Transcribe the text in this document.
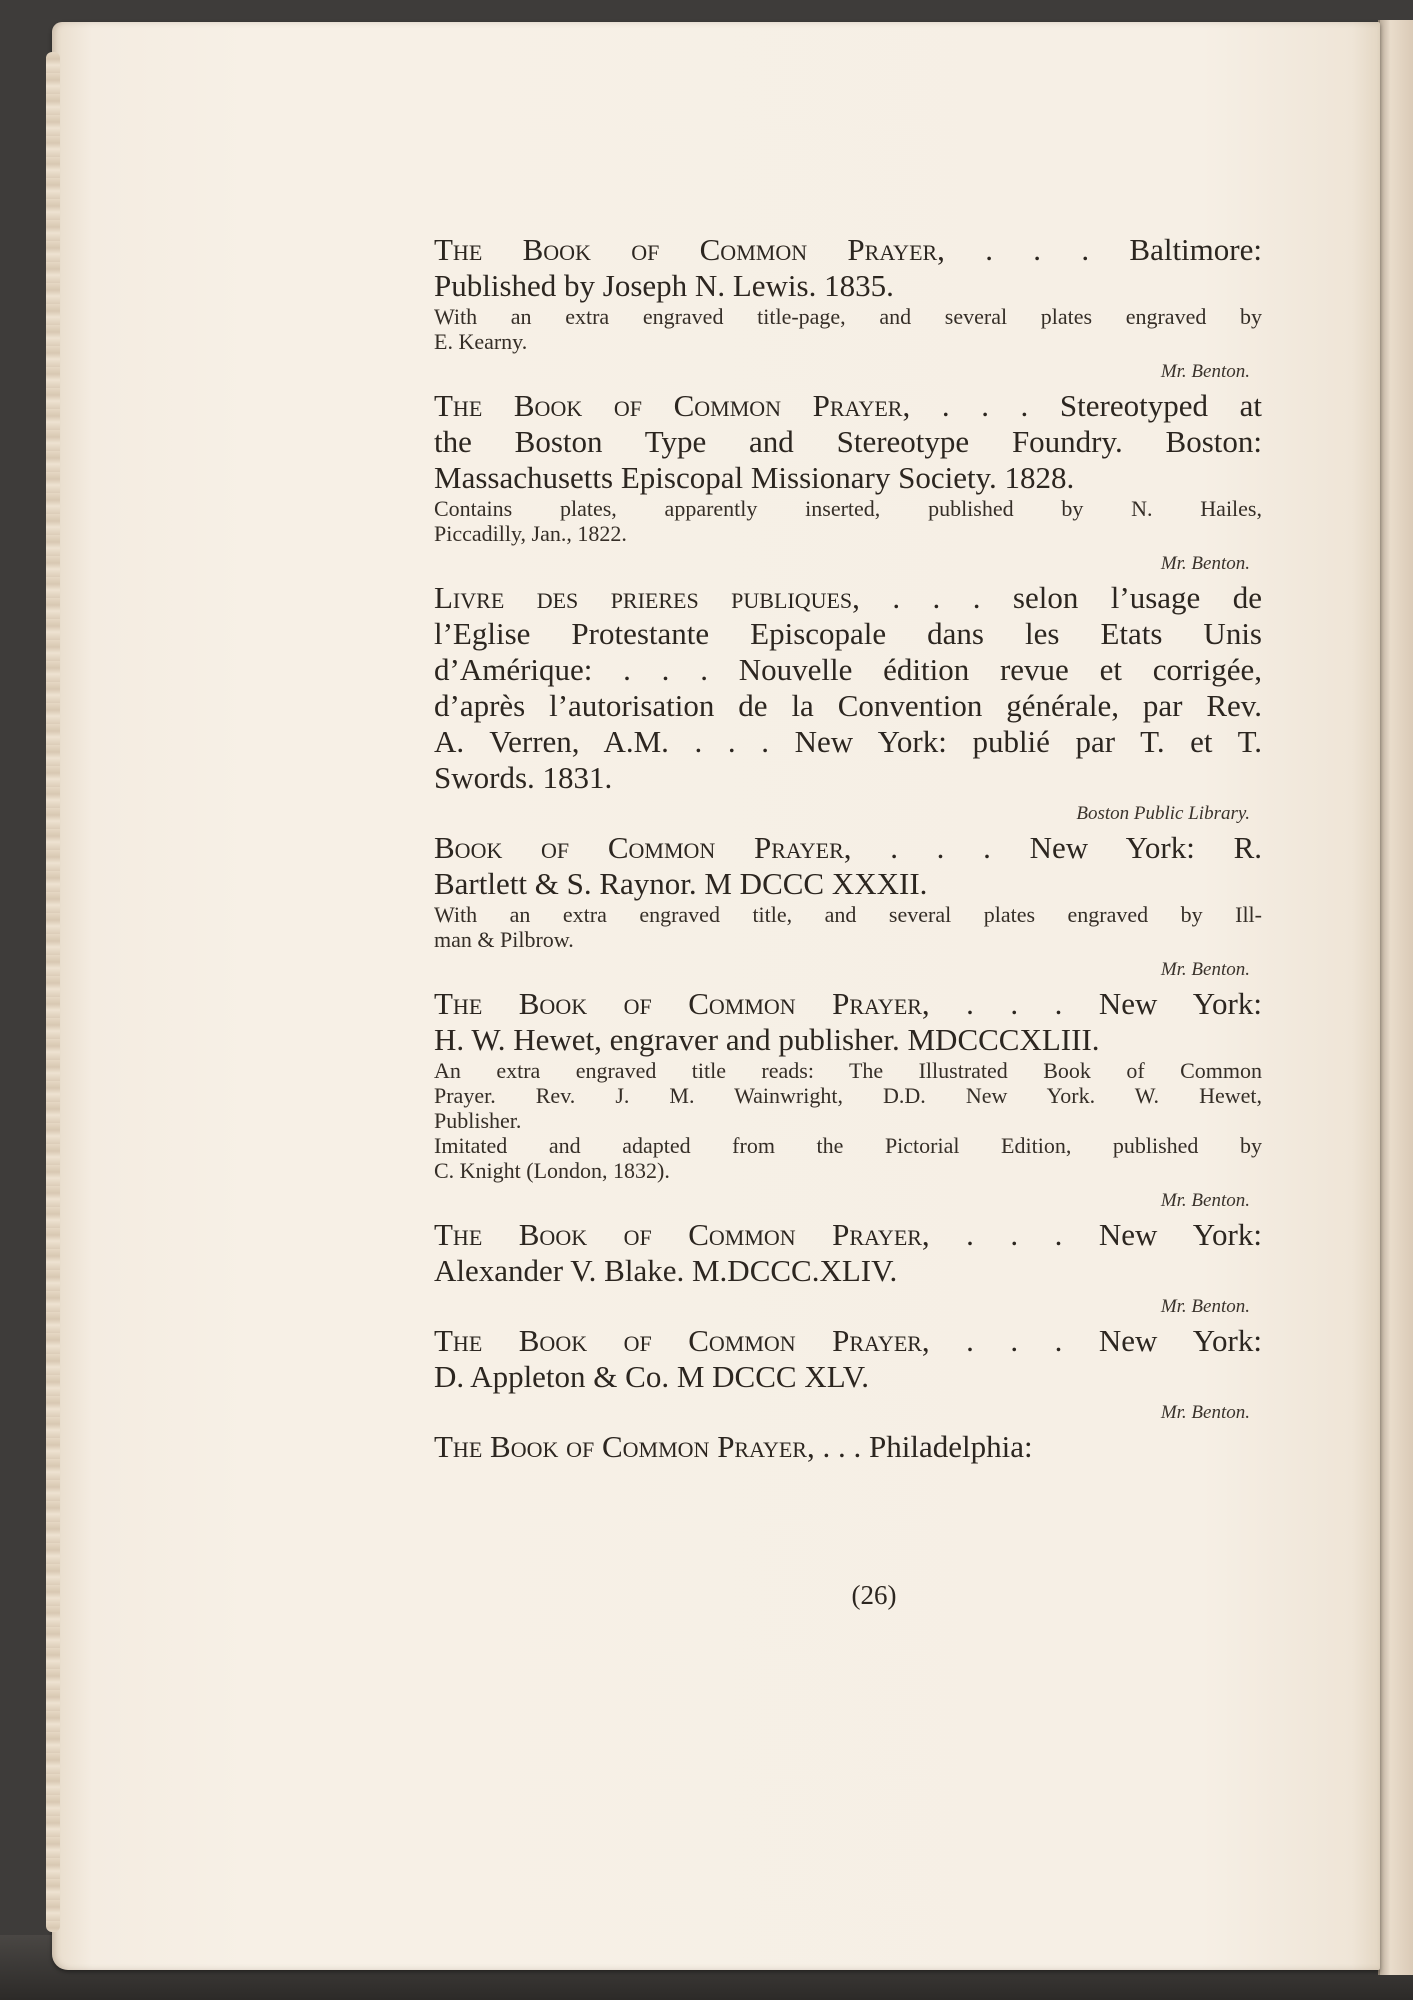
The Book of Common Prayer, . . . Baltimore:
Published by Joseph N. Lewis. 1835.
With an extra engraved title-page, and several plates engraved by
E. Kearny.
Mr. Benton.
The Book of Common Prayer, . . . Stereotyped at
the Boston Type and Stereotype Foundry. Boston:
Massachusetts Episcopal Missionary Society. 1828.
Contains plates, apparently inserted, published by N. Hailes,
Piccadilly, Jan., 1822.
Mr. Benton.
Livre des prieres publiques, . . . selon l’usage de
l’Eglise Protestante Episcopale dans les Etats Unis
d’Amérique: . . . Nouvelle édition revue et corrigée,
d’après l’autorisation de la Convention générale, par Rev.
A. Verren, A.M. . . . New York: publié par T. et T.
Swords. 1831.
Boston Public Library.
Book of Common Prayer, . . . New York: R.
Bartlett & S. Raynor. M DCCC XXXII.
With an extra engraved title, and several plates engraved by Ill-
man & Pilbrow.
Mr. Benton.
The Book of Common Prayer, . . . New York:
H. W. Hewet, engraver and publisher. MDCCCXLIII.
An extra engraved title reads: The Illustrated Book of Common
Prayer. Rev. J. M. Wainwright, D.D. New York. W. Hewet,
Publisher.
Imitated and adapted from the Pictorial Edition, published by
C. Knight (London, 1832).
Mr. Benton.
The Book of Common Prayer, . . . New York:
Alexander V. Blake. M.DCCC.XLIV.
Mr. Benton.
The Book of Common Prayer, . . . New York:
D. Appleton & Co. M DCCC XLV.
Mr. Benton.
The Book of Common Prayer, . . . Philadelphia:
(26)
